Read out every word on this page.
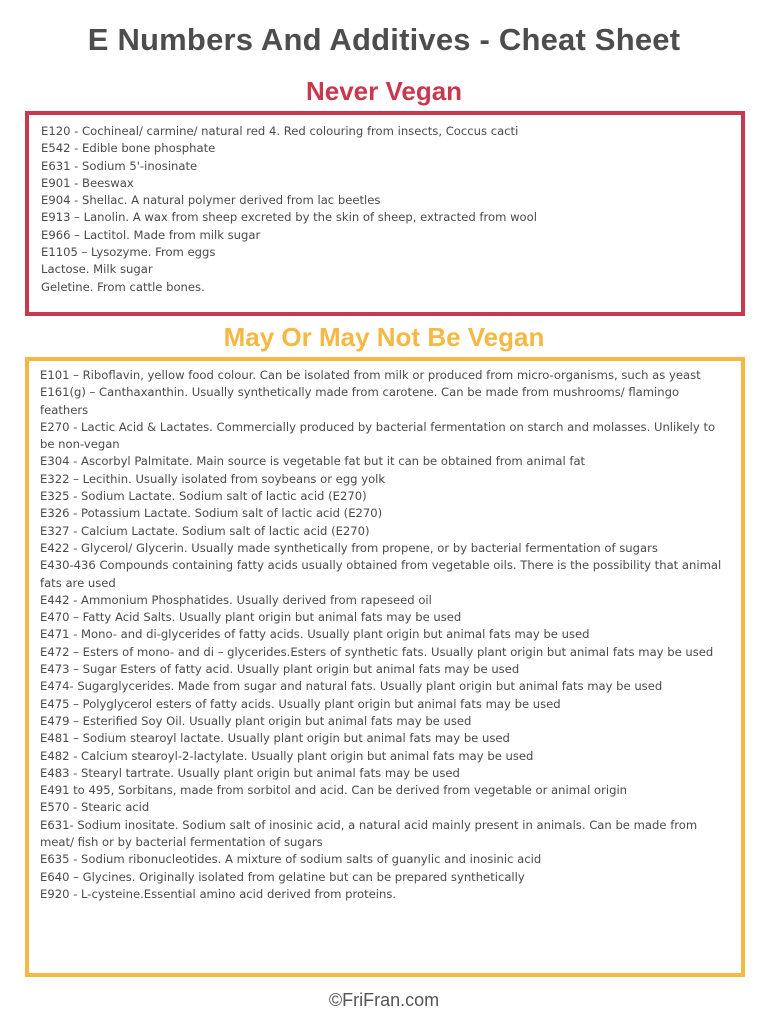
E Numbers And Additives - Cheat Sheet
Never Vegan
E120 - Cochineal/ carmine/ natural red 4. Red colouring from insects, Coccus cacti
E542 - Edible bone phosphate
E631 - Sodium 5'-inosinate
E901 - Beeswax
E904 - Shellac. A natural polymer derived from lac beetles
E913 – Lanolin. A wax from sheep excreted by the skin of sheep, extracted from wool
E966 – Lactitol. Made from milk sugar
E1105 – Lysozyme. From eggs
Lactose. Milk sugar
Geletine. From cattle bones.
May Or May Not Be Vegan
E101 – Riboflavin, yellow food colour. Can be isolated from milk or produced from micro-organisms, such as yeast
E161(g) – Canthaxanthin. Usually synthetically made from carotene. Can be made from mushrooms/ flamingo feathers
E270 - Lactic Acid & Lactates. Commercially produced by bacterial fermentation on starch and molasses. Unlikely to be non-vegan
E304 - Ascorbyl Palmitate. Main source is vegetable fat but it can be obtained from animal fat
E322 – Lecithin. Usually isolated from soybeans or egg yolk
E325 - Sodium Lactate. Sodium salt of lactic acid (E270)
E326 - Potassium Lactate. Sodium salt of lactic acid (E270)
E327 - Calcium Lactate. Sodium salt of lactic acid (E270)
E422 - Glycerol/ Glycerin. Usually made synthetically from propene, or by bacterial fermentation of sugars
E430-436 Compounds containing fatty acids usually obtained from vegetable oils. There is the possibility that animal fats are used
E442 - Ammonium Phosphatides. Usually derived from rapeseed oil
E470 – Fatty Acid Salts. Usually plant origin but animal fats may be used
E471 - Mono- and di-glycerides of fatty acids. Usually plant origin but animal fats may be used
E472 – Esters of mono- and di – glycerides.Esters of synthetic fats. Usually plant origin but animal fats may be used
E473 – Sugar Esters of fatty acid. Usually plant origin but animal fats may be used
E474- Sugarglycerides. Made from sugar and natural fats. Usually plant origin but animal fats may be used
E475 – Polyglycerol esters of fatty acids. Usually plant origin but animal fats may be used
E479 – Esterified Soy Oil. Usually plant origin but animal fats may be used
E481 – Sodium stearoyl lactate. Usually plant origin but animal fats may be used
E482 - Calcium stearoyl-2-lactylate. Usually plant origin but animal fats may be used
E483 - Stearyl tartrate. Usually plant origin but animal fats may be used
E491 to 495, Sorbitans, made from sorbitol and acid. Can be derived from vegetable or animal origin
E570 - Stearic acid
E631- Sodium inositate. Sodium salt of inosinic acid, a natural acid mainly present in animals. Can be made from meat/ fish or by bacterial fermentation of sugars
E635 - Sodium ribonucleotides. A mixture of sodium salts of guanylic and inosinic acid
E640 – Glycines. Originally isolated from gelatine but can be prepared synthetically
E920 - L-cysteine.Essential amino acid derived from proteins.
©FriFran.com
